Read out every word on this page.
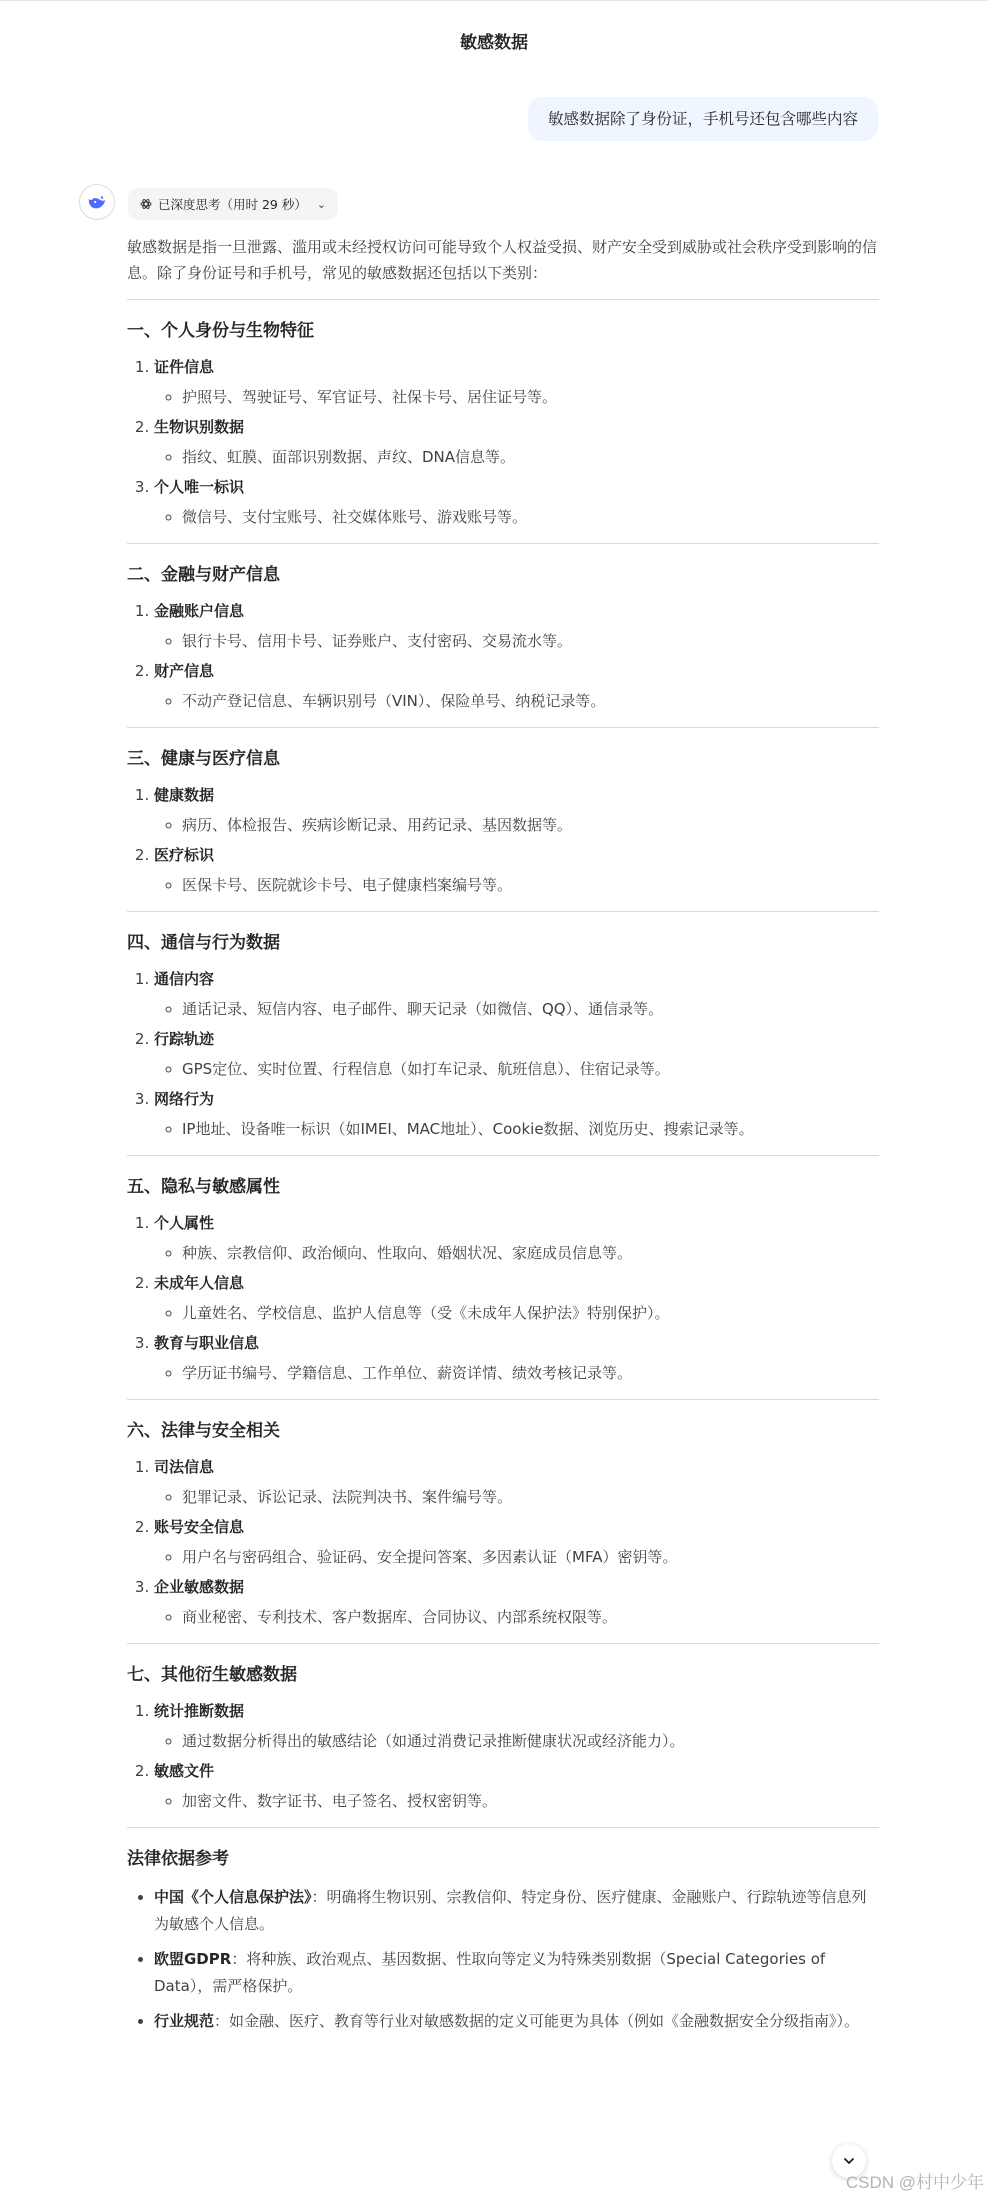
敏感数据
敏感数据除了身份证，手机号还包含哪些内容
已深度思考（用时 29 秒） ⌄

敏感数据是指一旦泄露、滥用或未经授权访问可能导致个人权益受损、财产安全受到威胁或社会秩序受到影响的信息。除了身份证号和手机号，常见的敏感数据还包括以下类别：

一、个人身份与生物特征
1. 证件信息
◦ 护照号、驾驶证号、军官证号、社保卡号、居住证号等。
2. 生物识别数据
◦ 指纹、虹膜、面部识别数据、声纹、DNA信息等。
3. 个人唯一标识
◦ 微信号、支付宝账号、社交媒体账号、游戏账号等。
二、金融与财产信息
1. 金融账户信息
◦ 银行卡号、信用卡号、证券账户、支付密码、交易流水等。
2. 财产信息
◦ 不动产登记信息、车辆识别号（VIN）、保险单号、纳税记录等。
三、健康与医疗信息
1. 健康数据
◦ 病历、体检报告、疾病诊断记录、用药记录、基因数据等。
2. 医疗标识
◦ 医保卡号、医院就诊卡号、电子健康档案编号等。
四、通信与行为数据
1. 通信内容
◦ 通话记录、短信内容、电子邮件、聊天记录（如微信、QQ）、通信录等。
2. 行踪轨迹
◦ GPS定位、实时位置、行程信息（如打车记录、航班信息）、住宿记录等。
3. 网络行为
◦ IP地址、设备唯一标识（如IMEI、MAC地址）、Cookie数据、浏览历史、搜索记录等。
五、隐私与敏感属性
1. 个人属性
◦ 种族、宗教信仰、政治倾向、性取向、婚姻状况、家庭成员信息等。
2. 未成年人信息
◦ 儿童姓名、学校信息、监护人信息等（受《未成年人保护法》特别保护）。
3. 教育与职业信息
◦ 学历证书编号、学籍信息、工作单位、薪资详情、绩效考核记录等。
六、法律与安全相关
1. 司法信息
◦ 犯罪记录、诉讼记录、法院判决书、案件编号等。
2. 账号安全信息
◦ 用户名与密码组合、验证码、安全提问答案、多因素认证（MFA）密钥等。
3. 企业敏感数据
◦ 商业秘密、专利技术、客户数据库、合同协议、内部系统权限等。
七、其他衍生敏感数据
1. 统计推断数据
◦ 通过数据分析得出的敏感结论（如通过消费记录推断健康状况或经济能力）。
2. 敏感文件
◦ 加密文件、数字证书、电子签名、授权密钥等。
法律依据参考
• 中国《个人信息保护法》：明确将生物识别、宗教信仰、特定身份、医疗健康、金融账户、行踪轨迹等信息列为敏感个人信息。
• 欧盟GDPR：将种族、政治观点、基因数据、性取向等定义为特殊类别数据（Special Categories of Data），需严格保护。
• 行业规范：如金融、医疗、教育等行业对敏感数据的定义可能更为具体（例如《金融数据安全分级指南》）。
CSDN @村中少年
